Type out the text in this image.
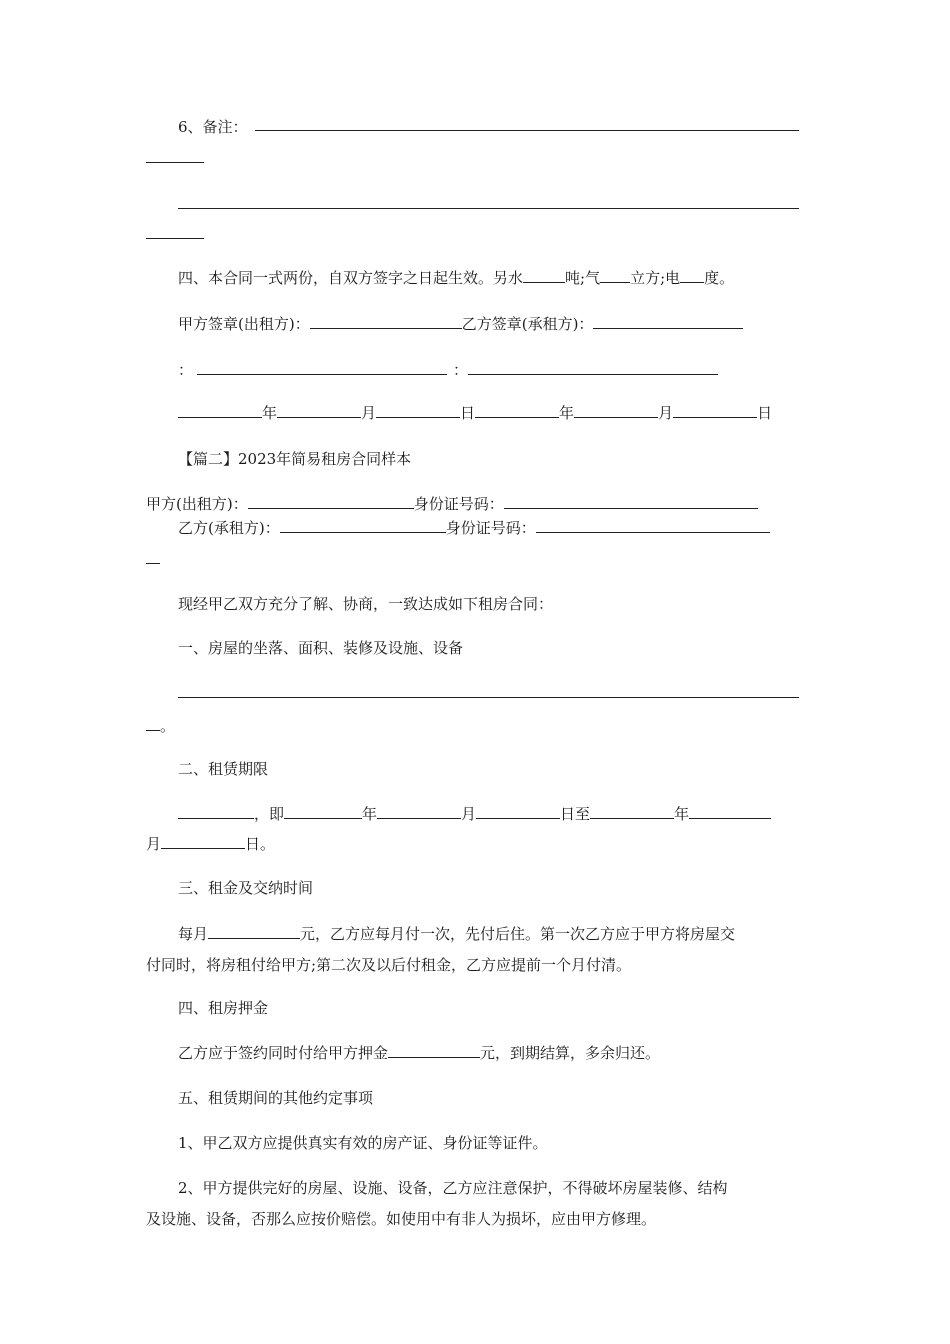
6、备注：
四、本合同一式两份，自双方签字之日起生效。另水	吨;气 立方;电 度。
甲方签章(出租方)：	乙方签章(承租方)：
：	：
年	月	日	年	月	日
【篇二】2023年简易租房合同样本
甲方(出租方)：	身份证号码：
乙方(承租方)：	身份证号码：
现经甲乙双方充分了解、协商，一致达成如下租房合同：
一、房屋的坐落、面积、装修及设施、设备
。
二、租赁期限
，即	年	月	日至	年
月	日。
三、租金及交纳时间
每月	元，乙方应每月付一次，先付后住。第一次乙方应于甲方将房屋交
付同时，将房租付给甲方;第二次及以后付租金，乙方应提前一个月付清。
四、租房押金
乙方应于签约同时付给甲方押金	元，到期结算，多余归还。
五、租赁期间的其他约定事项
1、甲乙双方应提供真实有效的房产证、身份证等证件。
2、甲方提供完好的房屋、设施、设备，乙方应注意保护，不得破坏房屋装修、结构
及设施、设备，否那么应按价赔偿。如使用中有非人为损坏，应由甲方修理。
